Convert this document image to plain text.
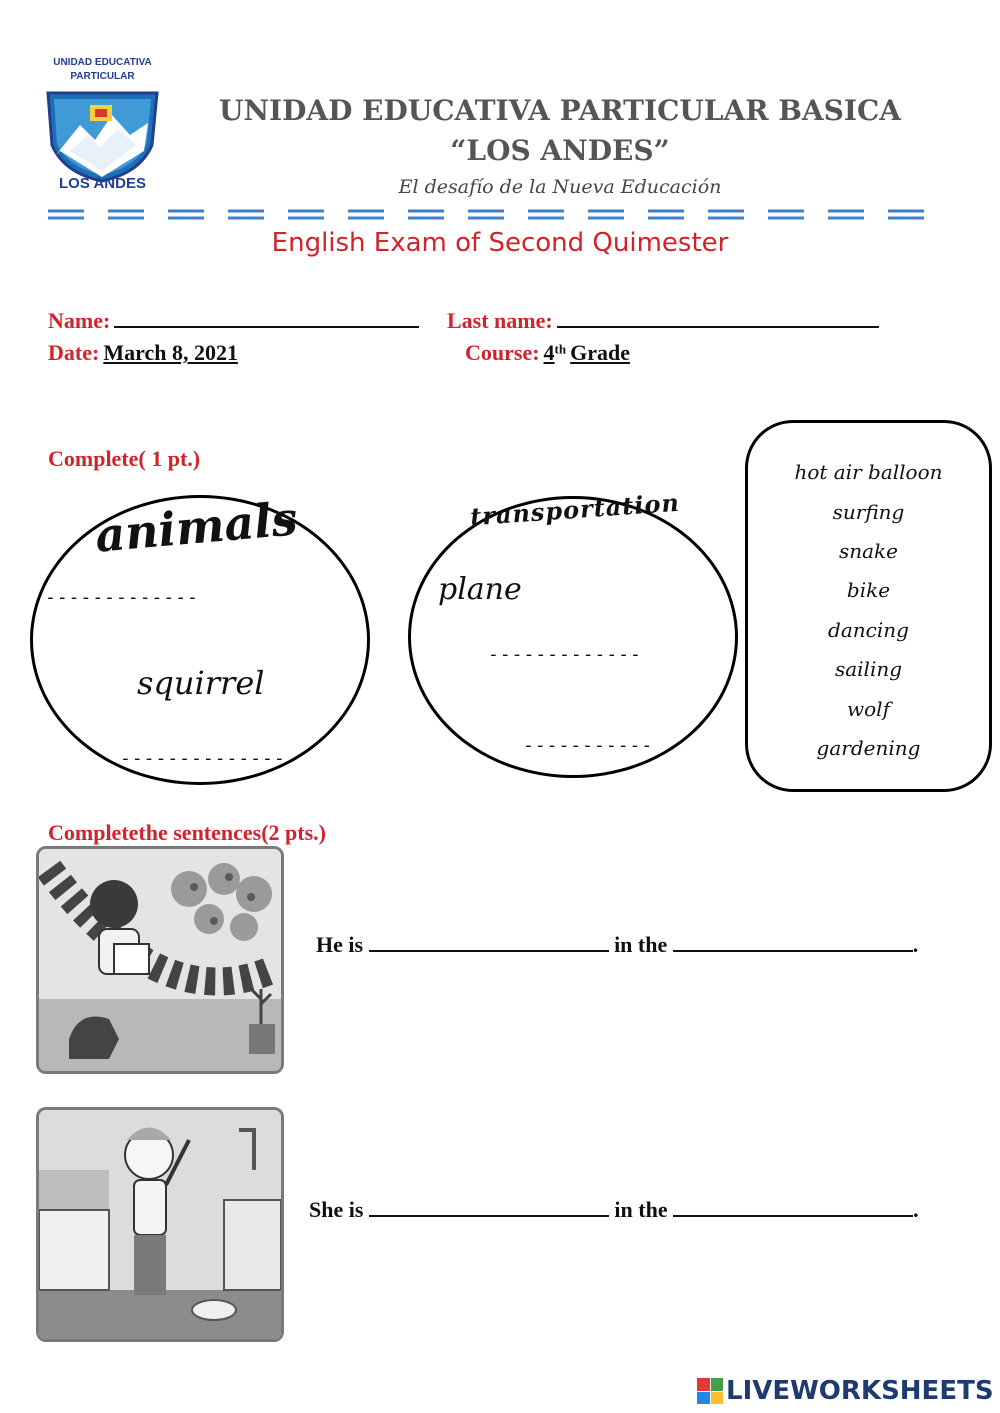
UNIDAD EDUCATIVA
PARTICULAR
LOS ANDES
UNIDAD EDUCATIVA PARTICULAR BASICA
“LOS ANDES”
El desafío de la Nueva Educación
English Exam of Second Quimester
Name:	Last name:
Date: March 8, 2021	Course: 4th Grade
Complete( 1 pt.)
animals
-------------
squirrel
--------------
transportation
plane
-------------
-----------
hot air balloon
surfing
snake
bike
dancing
sailing
wolf
gardening
Completethe sentences(2 pts.)
He is	in the	.
She is	in the	.
LIVEWORKSHEETS
